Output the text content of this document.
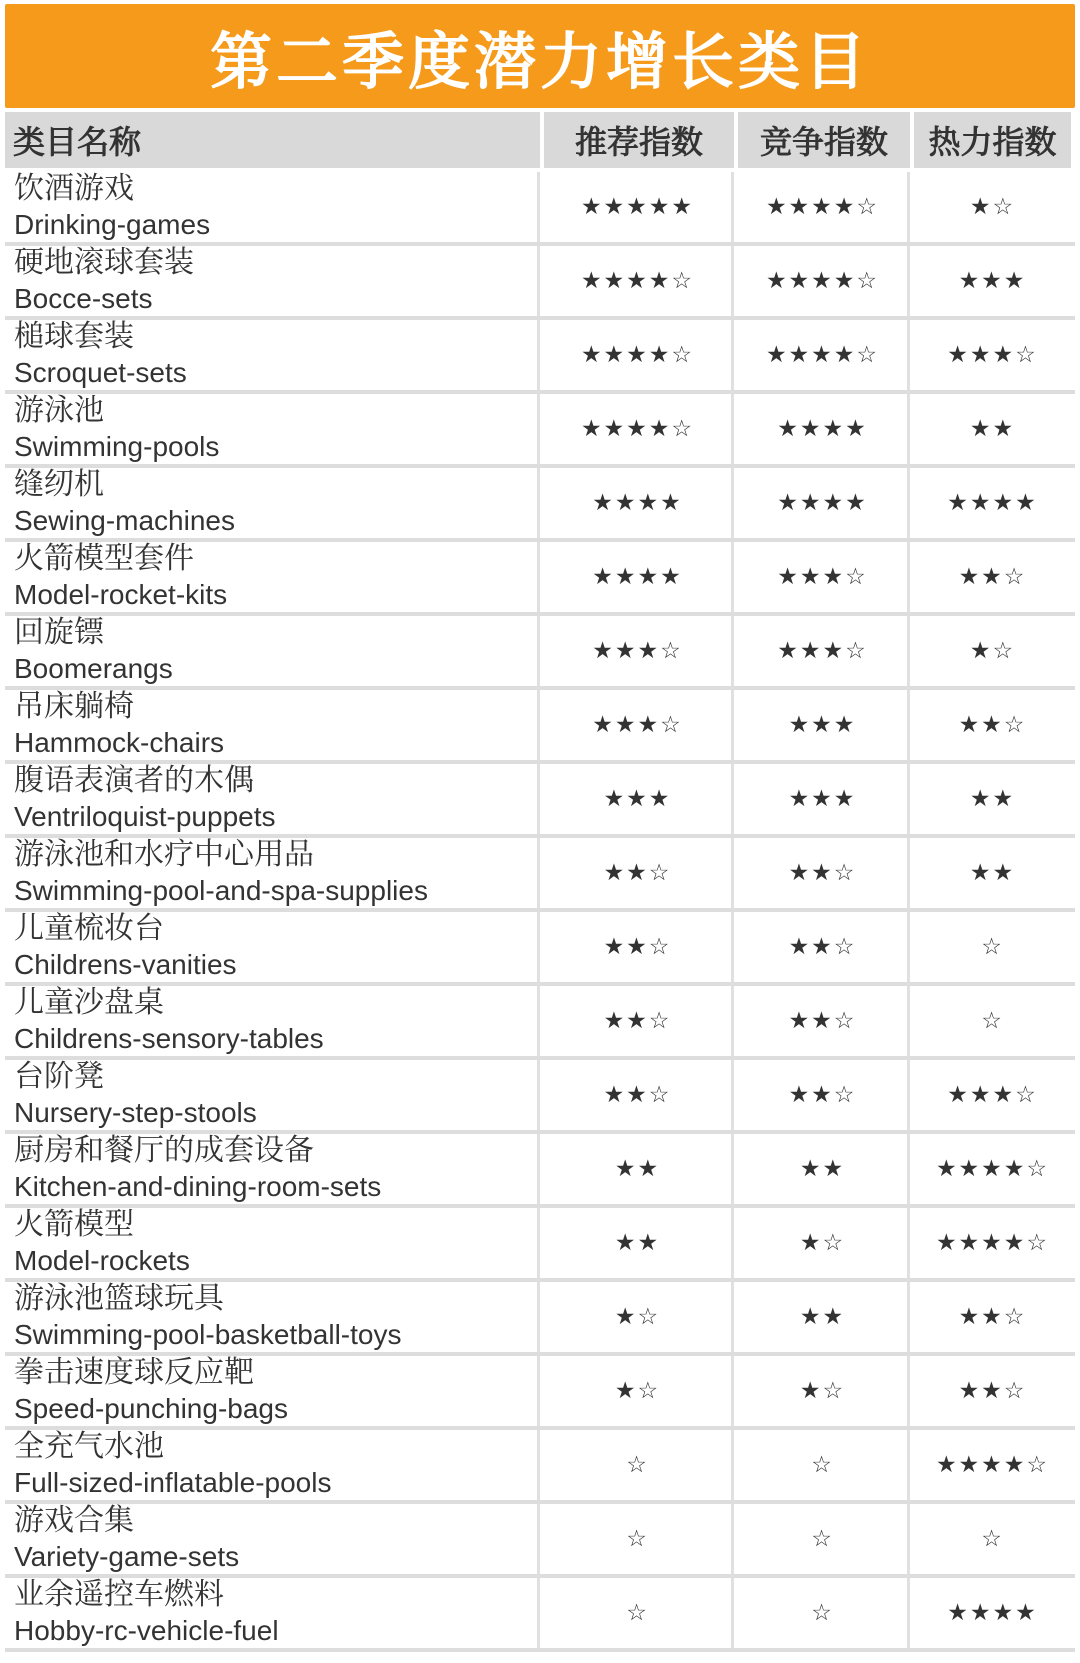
第二季度潜力增长类目
类目名称	推荐指数	竞争指数	热力指数
饮酒游戏
Drinking-games
★★★★★	★★★★☆	★☆
硬地滚球套装
Bocce-sets
★★★★☆	★★★★☆	★★★
槌球套装
Scroquet-sets
★★★★☆	★★★★☆	★★★☆
游泳池
Swimming-pools
★★★★☆	★★★★	★★
缝纫机
Sewing-machines
★★★★	★★★★	★★★★
火箭模型套件
Model-rocket-kits
★★★★	★★★☆	★★☆
回旋镖
Boomerangs
★★★☆	★★★☆	★☆
吊床躺椅
Hammock-chairs
★★★☆	★★★	★★☆
腹语表演者的木偶
Ventriloquist-puppets
★★★	★★★	★★
游泳池和水疗中心用品
Swimming-pool-and-spa-supplies
★★☆	★★☆	★★
儿童梳妆台
Childrens-vanities
★★☆	★★☆	☆
儿童沙盘桌
Childrens-sensory-tables
★★☆	★★☆	☆
台阶凳
Nursery-step-stools
★★☆	★★☆	★★★☆
厨房和餐厅的成套设备
Kitchen-and-dining-room-sets
★★	★★	★★★★☆
火箭模型
Model-rockets
★★	★☆	★★★★☆
游泳池篮球玩具
Swimming-pool-basketball-toys
★☆	★★	★★☆
拳击速度球反应靶
Speed-punching-bags
★☆	★☆	★★☆
全充气水池
Full-sized-inflatable-pools
☆	☆	★★★★☆
游戏合集
Variety-game-sets
☆	☆	☆
业余遥控车燃料
Hobby-rc-vehicle-fuel
☆	☆	★★★★
